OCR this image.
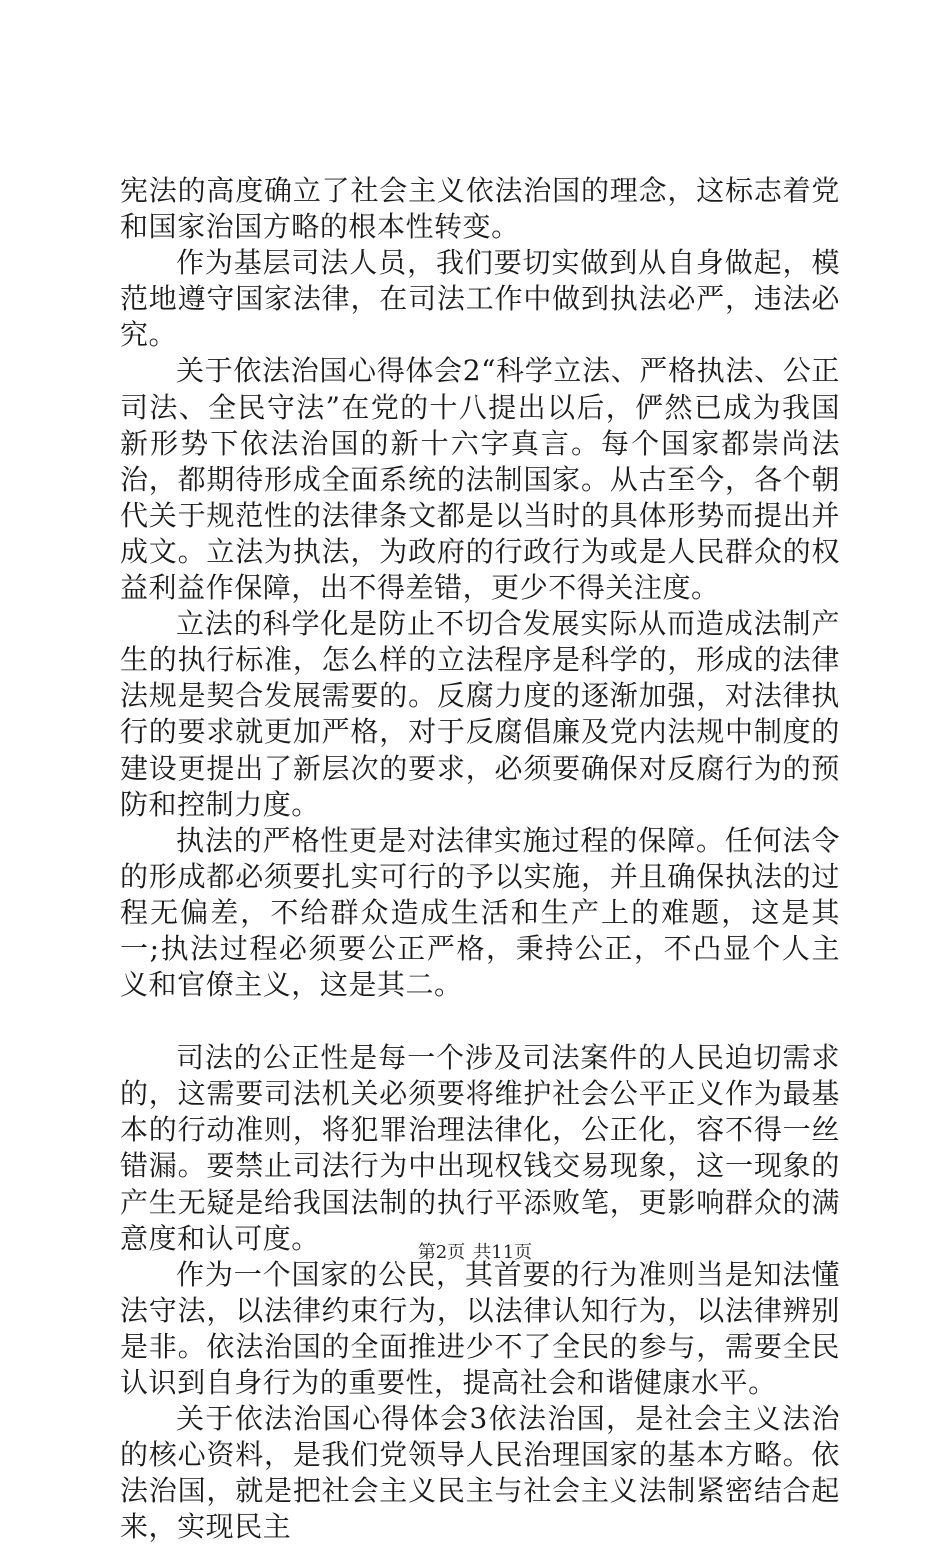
宪法的高度确立了社会主义依法治国的理念，这标志着党和国家治国方略的根本性转变。

作为基层司法人员，我们要切实做到从自身做起，模范地遵守国家法律，在司法工作中做到执法必严，违法必究。

关于依法治国心得体会2“科学立法、严格执法、公正司法、全民守法”在党的十八提出以后，俨然已成为我国新形势下依法治国的新十六字真言。每个国家都崇尚法治，都期待形成全面系统的法制国家。从古至今，各个朝代关于规范性的法律条文都是以当时的具体形势而提出并成文。立法为执法，为政府的行政行为或是人民群众的权益利益作保障，出不得差错，更少不得关注度。

立法的科学化是防止不切合发展实际从而造成法制产生的执行标准，怎么样的立法程序是科学的，形成的法律法规是契合发展需要的。反腐力度的逐渐加强，对法律执行的要求就更加严格，对于反腐倡廉及党内法规中制度的建设更提出了新层次的要求，必须要确保对反腐行为的预防和控制力度。

执法的严格性更是对法律实施过程的保障。任何法令的形成都必须要扎实可行的予以实施，并且确保执法的过程无偏差，不给群众造成生活和生产上的难题，这是其一;执法过程必须要公正严格，秉持公正，不凸显个人主义和官僚主义，这是其二。

司法的公正性是每一个涉及司法案件的人民迫切需求的，这需要司法机关必须要将维护社会公平正义作为最基本的行动准则，将犯罪治理法律化，公正化，容不得一丝错漏。要禁止司法行为中出现权钱交易现象，这一现象的产生无疑是给我国法制的执行平添败笔，更影响群众的满意度和认可度。

作为一个国家的公民，其首要的行为准则当是知法懂法守法，以法律约束行为，以法律认知行为，以法律辨别是非。依法治国的全面推进少不了全民的参与，需要全民认识到自身行为的重要性，提高社会和谐健康水平。

关于依法治国心得体会3依法治国，是社会主义法治的核心资料，是我们党领导人民治理国家的基本方略。依法治国，就是把社会主义民主与社会主义法制紧密结合起来，实现民主

第2页 共11页
